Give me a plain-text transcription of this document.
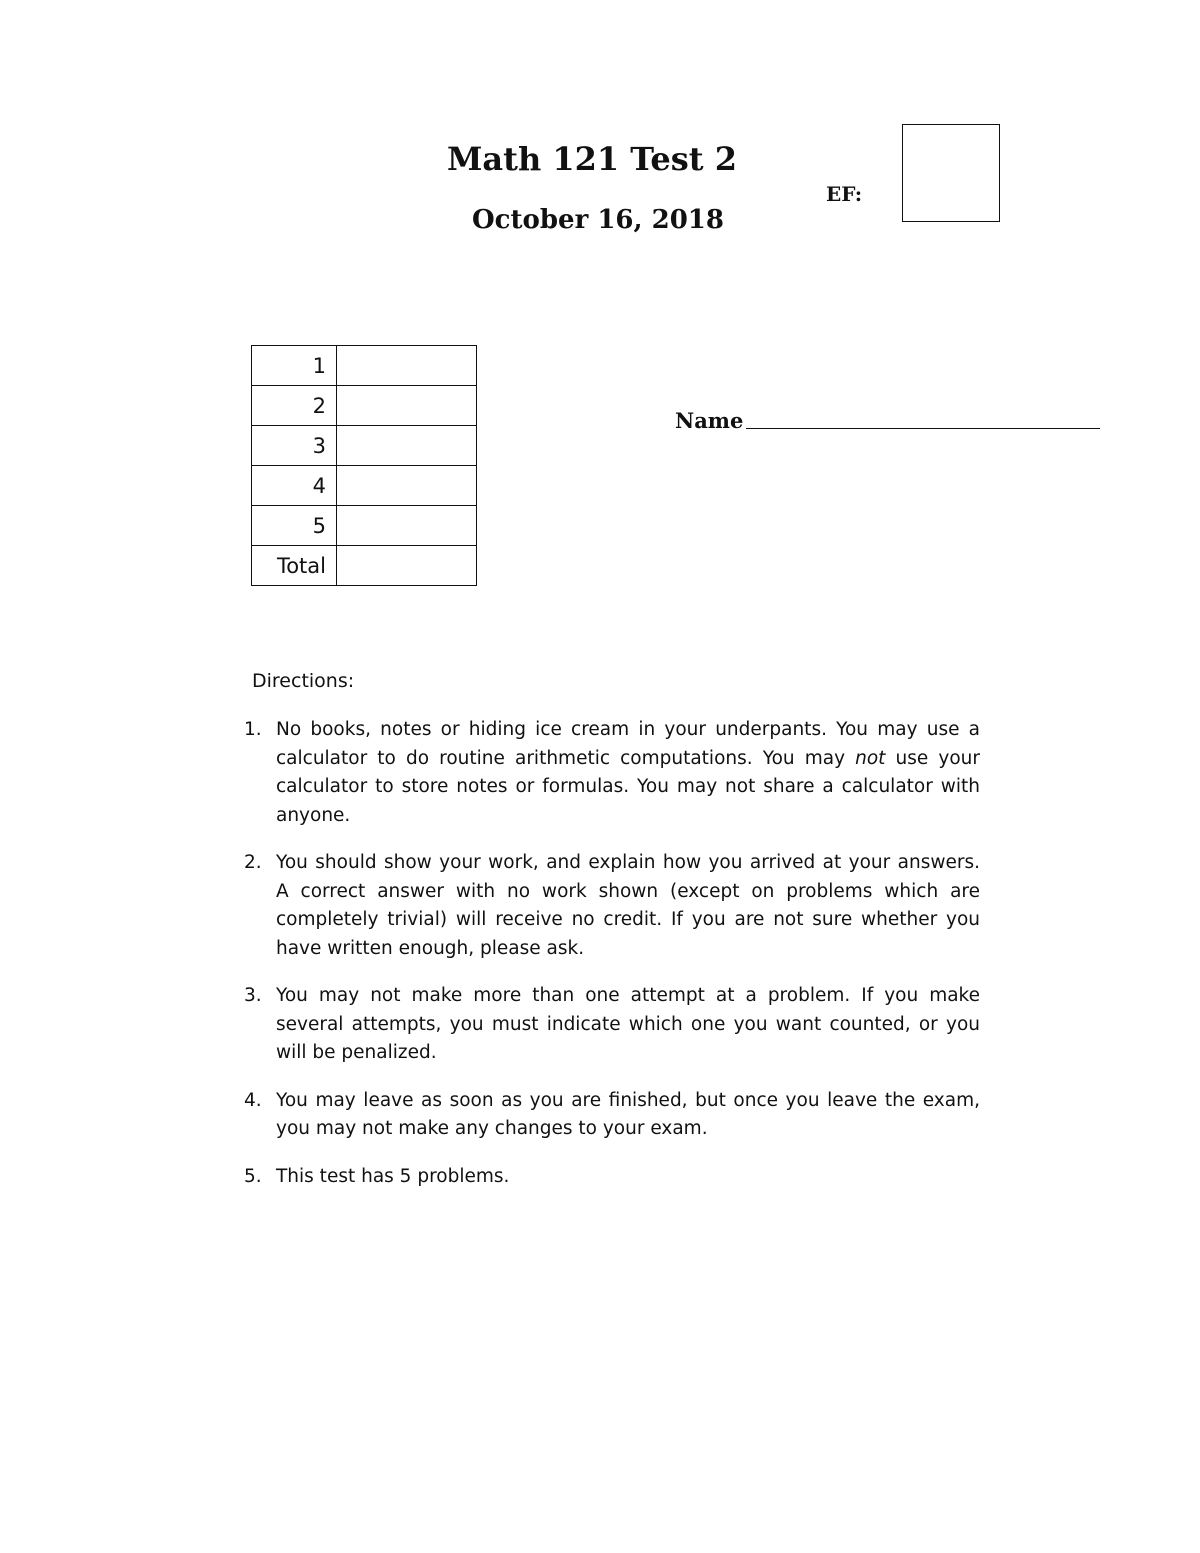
Math 121 Test 2
October 16, 2018
EF:
1	
2	
3	
4	
5	
Total	
Name
Directions:
1. No books, notes or hiding ice cream in your underpants. You may use a calculator to do routine arithmetic computations. You may not use your calculator to store notes or formulas. You may not share a calculator with anyone.
2. You should show your work, and explain how you arrived at your answers. A correct answer with no work shown (except on problems which are completely trivial) will receive no credit. If you are not sure whether you have written enough, please ask.
3. You may not make more than one attempt at a problem. If you make several attempts, you must indicate which one you want counted, or you will be penalized.
4. You may leave as soon as you are finished, but once you leave the exam, you may not make any changes to your exam.
5. This test has 5 problems.
